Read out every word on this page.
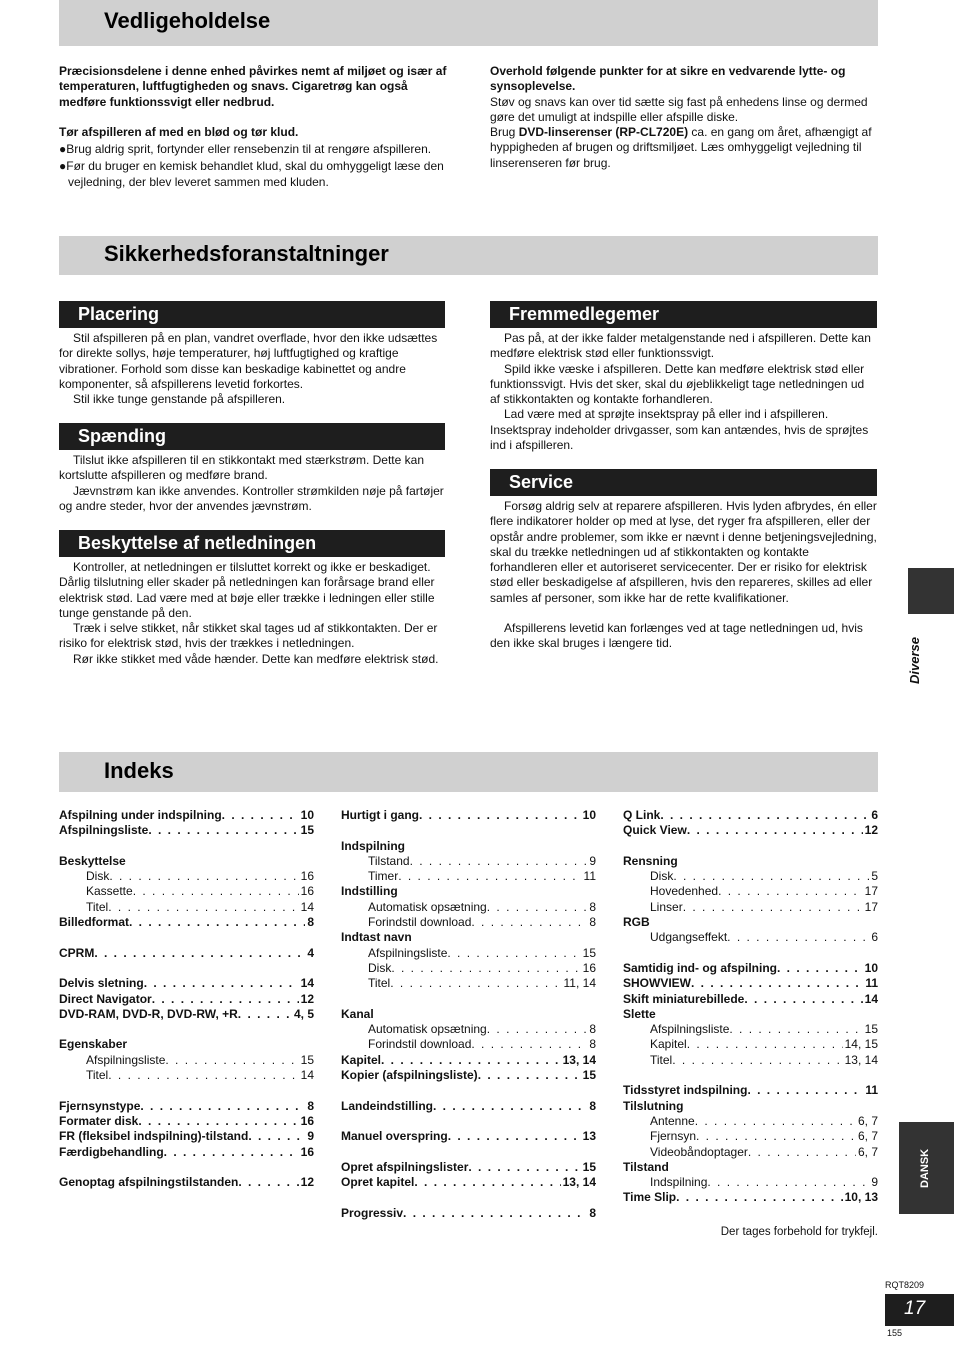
Vedligeholdelse

Præcisionsdelene i denne enhed påvirkes nemt af miljøet og især af temperaturen, luftfugtigheden og snavs. Cigaretrøg kan også medføre funktionssvigt eller nedbrud.

Tør afspilleren af med en blød og tør klud.

●Brug aldrig sprit, fortynder eller rensebenzin til at rengøre afspilleren.

●Før du bruger en kemisk behandlet klud, skal du omhyggeligt læse den vejledning, der blev leveret sammen med kluden.

Overhold følgende punkter for at sikre en vedvarende lytte- og synsoplevelse.

Støv og snavs kan over tid sætte sig fast på enhedens linse og dermed gøre det umuligt at indspille eller afspille diske.

Brug DVD-linserenser (RP-CL720E) ca. en gang om året, afhængigt af hyppigheden af brugen og driftsmiljøet. Læs omhyggeligt vejledning til linserenseren før brug.

Sikkerhedsforanstaltninger
Placering

Stil afspilleren på en plan, vandret overflade, hvor den ikke udsættes for direkte sollys, høje temperaturer, høj luftfugtighed og kraftige vibrationer. Forhold som disse kan beskadige kabinettet og andre komponenter, så afspillerens levetid forkortes.

Stil ikke tunge genstande på afspilleren.

Spænding

Tilslut ikke afspilleren til en stikkontakt med stærkstrøm. Dette kan kortslutte afspilleren og medføre brand.

Jævnstrøm kan ikke anvendes. Kontroller strømkilden nøje på fartøjer og andre steder, hvor der anvendes jævnstrøm.

Beskyttelse af netledningen

Kontroller, at netledningen er tilsluttet korrekt og ikke er beskadiget. Dårlig tilslutning eller skader på netledningen kan forårsage brand eller elektrisk stød. Lad være med at bøje eller trække i ledningen eller stille tunge genstande på den.

Træk i selve stikket, når stikket skal tages ud af stikkontakten. Der er risiko for elektrisk stød, hvis der trækkes i netledningen.

Rør ikke stikket med våde hænder. Dette kan medføre elektrisk stød.

Fremmedlegemer

Pas på, at der ikke falder metalgenstande ned i afspilleren. Dette kan medføre elektrisk stød eller funktionssvigt.

Spild ikke væske i afspilleren. Dette kan medføre elektrisk stød eller funktionssvigt. Hvis det sker, skal du øjeblikkeligt tage netledningen ud af stikkontakten og kontakte forhandleren.

Lad være med at sprøjte insektspray på eller ind i afspilleren. Insektspray indeholder drivgasser, som kan antændes, hvis de sprøjtes ind i afspilleren.

Service

Forsøg aldrig selv at reparere afspilleren. Hvis lyden afbrydes, én eller flere indikatorer holder op med at lyse, det ryger fra afspilleren, eller der opstår andre problemer, som ikke er nævnt i denne betjeningsvejledning, skal du trække netledningen ud af stikkontakten og kontakte forhandleren eller et autoriseret servicecenter. Der er risiko for elektrisk stød eller beskadigelse af afspilleren, hvis den repareres, skilles ad eller samles af personer, som ikke har de rette kvalifikationer.

Afspillerens levetid kan forlænges ved at tage netledningen ud, hvis den ikke skal bruges i længere tid.

Indeks
Afspilning under indspilning . . .	10
Afspilningsliste . . .	15
Beskyttelse
Disk . . .	16
Kassette . . .	16
Titel . . .	14
Billedformat . . .	8
CPRM . . .	4
Delvis sletning . . .	14
Direct Navigator . . .	12
DVD-RAM, DVD-R, DVD-RW, +R . . .	4, 5
Egenskaber
Afspilningsliste . . .	15
Titel . . .	14
Fjernsynstype . . .	8
Formater disk . . .	16
FR (fleksibel indspilning)-tilstand . . .	9
Færdigbehandling . . .	16
Genoptag afspilningstilstanden . . .	12
Hurtigt i gang . . .	10
Indspilning
Tilstand . . .	9
Timer . . .	11
Indstilling
Automatisk opsætning . . .	8
Forindstil download . . .	8
Indtast navn
Afspilningsliste . . .	15
Disk . . .	16
Titel . . .	11, 14
Kanal
Automatisk opsætning . . .	8
Forindstil download . . .	8
Kapitel . . .	13, 14
Kopier (afspilningsliste) . . .	15
Landeindstilling . . .	8
Manuel overspring . . .	13
Opret afspilningslister . . .	15
Opret kapitel . . .	13, 14
Progressiv . . .	8
Q Link . . .	6
Quick View . . .	12
Rensning
Disk . . .	5
Hovedenhed . . .	17
Linser . . .	17
RGB
Udgangseffekt . . .	6
Samtidig ind- og afspilning . . .	10
SHOWVIEW . . .	11
Skift miniaturebillede . . .	14
Slette
Afspilningsliste . . .	15
Kapitel . . .	14, 15
Titel . . .	13, 14
Tidsstyret indspilning . . .	11
Tilslutning
Antenne . . .	6, 7
Fjernsyn . . .	6, 7
Videobåndoptager . . .	6, 7
Tilstand
Indspilning . . .	9
Time Slip . . .	10, 13
Der tages forbehold for trykfejl.
RQT8209
17
155
Diverse
DANSK
